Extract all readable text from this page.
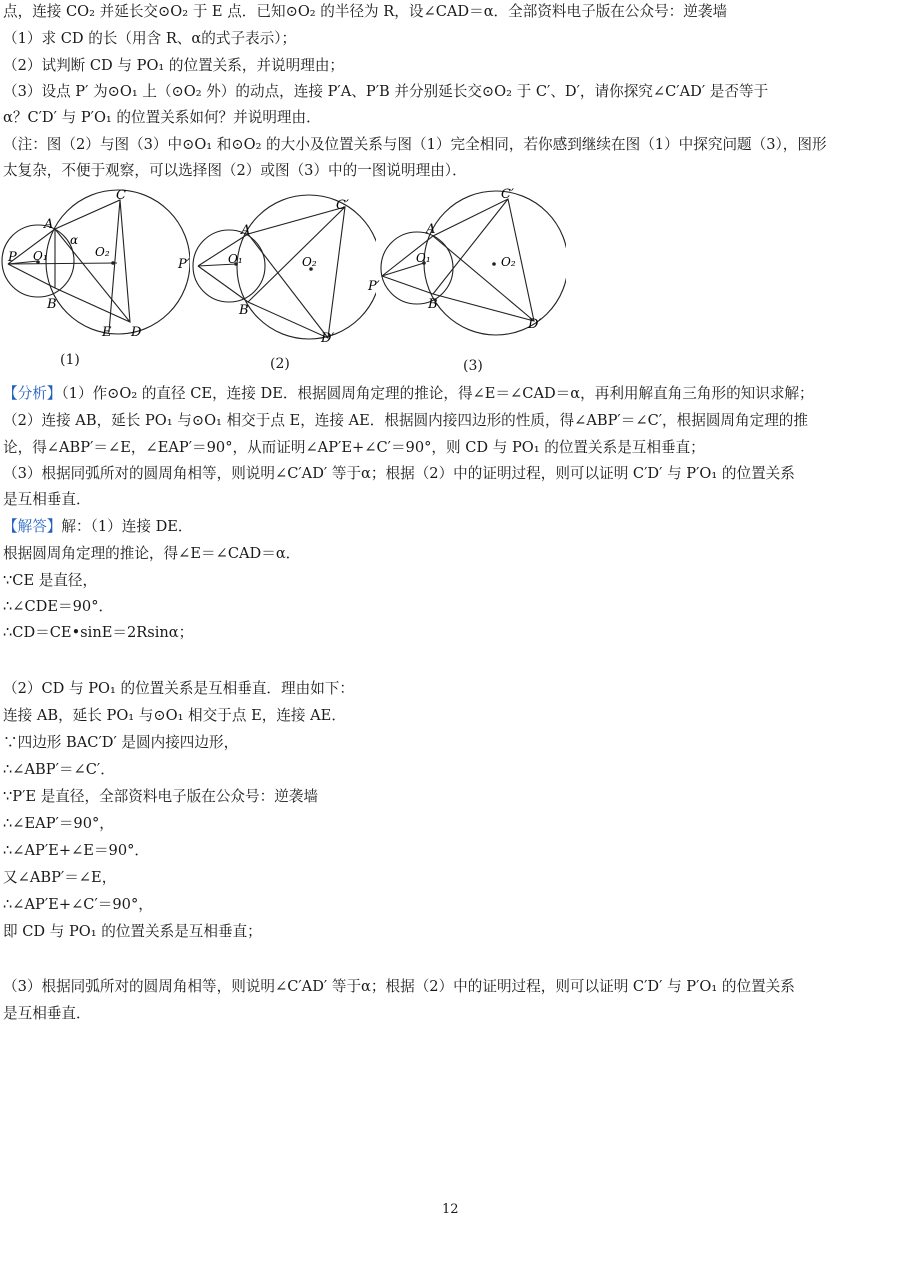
点，连接 CO₂ 并延长交⊙O₂ 于 E 点．已知⊙O₂ 的半径为 R，设∠CAD＝α．全部资料电子版在公众号：逆袭墙
（1）求 CD 的长（用含 R、α的式子表示）；
（2）试判断 CD 与 PO₁ 的位置关系，并说明理由；
（3）设点 P′ 为⊙O₁ 上（⊙O₂ 外）的动点，连接 P′A、P′B 并分别延长交⊙O₂ 于 C′、D′，请你探究∠C′AD′ 是否等于
α？C′D′ 与 P′O₁ 的位置关系如何？并说明理由．
（注：图（2）与图（3）中⊙O₁ 和⊙O₂ 的大小及位置关系与图（1）完全相同，若你感到继续在图（1）中探究问题（3），图形
太复杂，不便于观察，可以选择图（2）或图（3）中的一图说明理由）．
C
A
α
O₂
P O₁
B
E D
(1)
C′
A
O₂
P′	O₁
B
D′
(2)
C′
A
O₂
P′
O₁
B
D′
(3)
【分析】（1）作⊙O₂ 的直径 CE，连接 DE．根据圆周角定理的推论，得∠E＝∠CAD＝α，再利用解直角三角形的知识求解；
（2）连接 AB，延长 PO₁ 与⊙O₁ 相交于点 E，连接 AE．根据圆内接四边形的性质，得∠ABP′＝∠C′，根据圆周角定理的推
论，得∠ABP′＝∠E，∠EAP′＝90°，从而证明∠AP′E+∠C′＝90°，则 CD 与 PO₁ 的位置关系是互相垂直；
（3）根据同弧所对的圆周角相等，则说明∠C′AD′ 等于α；根据（2）中的证明过程，则可以证明 C′D′ 与 P′O₁ 的位置关系
是互相垂直．
【解答】解：（1）连接 DE．
根据圆周角定理的推论，得∠E＝∠CAD＝α．
∵CE 是直径，
∴∠CDE＝90°．
∴CD＝CE•sinE＝2Rsinα；
（2）CD 与 PO₁ 的位置关系是互相垂直．理由如下：
连接 AB，延长 PO₁ 与⊙O₁ 相交于点 E，连接 AE．
∵四边形 BAC′D′ 是圆内接四边形，
∴∠ABP′＝∠C′．
∵P′E 是直径，全部资料电子版在公众号：逆袭墙
∴∠EAP′＝90°，
∴∠AP′E+∠E＝90°．
又∠ABP′＝∠E，
∴∠AP′E+∠C′＝90°，
即 CD 与 PO₁ 的位置关系是互相垂直；
（3）根据同弧所对的圆周角相等，则说明∠C′AD′ 等于α；根据（2）中的证明过程，则可以证明 C′D′ 与 P′O₁ 的位置关系
是互相垂直．
12
